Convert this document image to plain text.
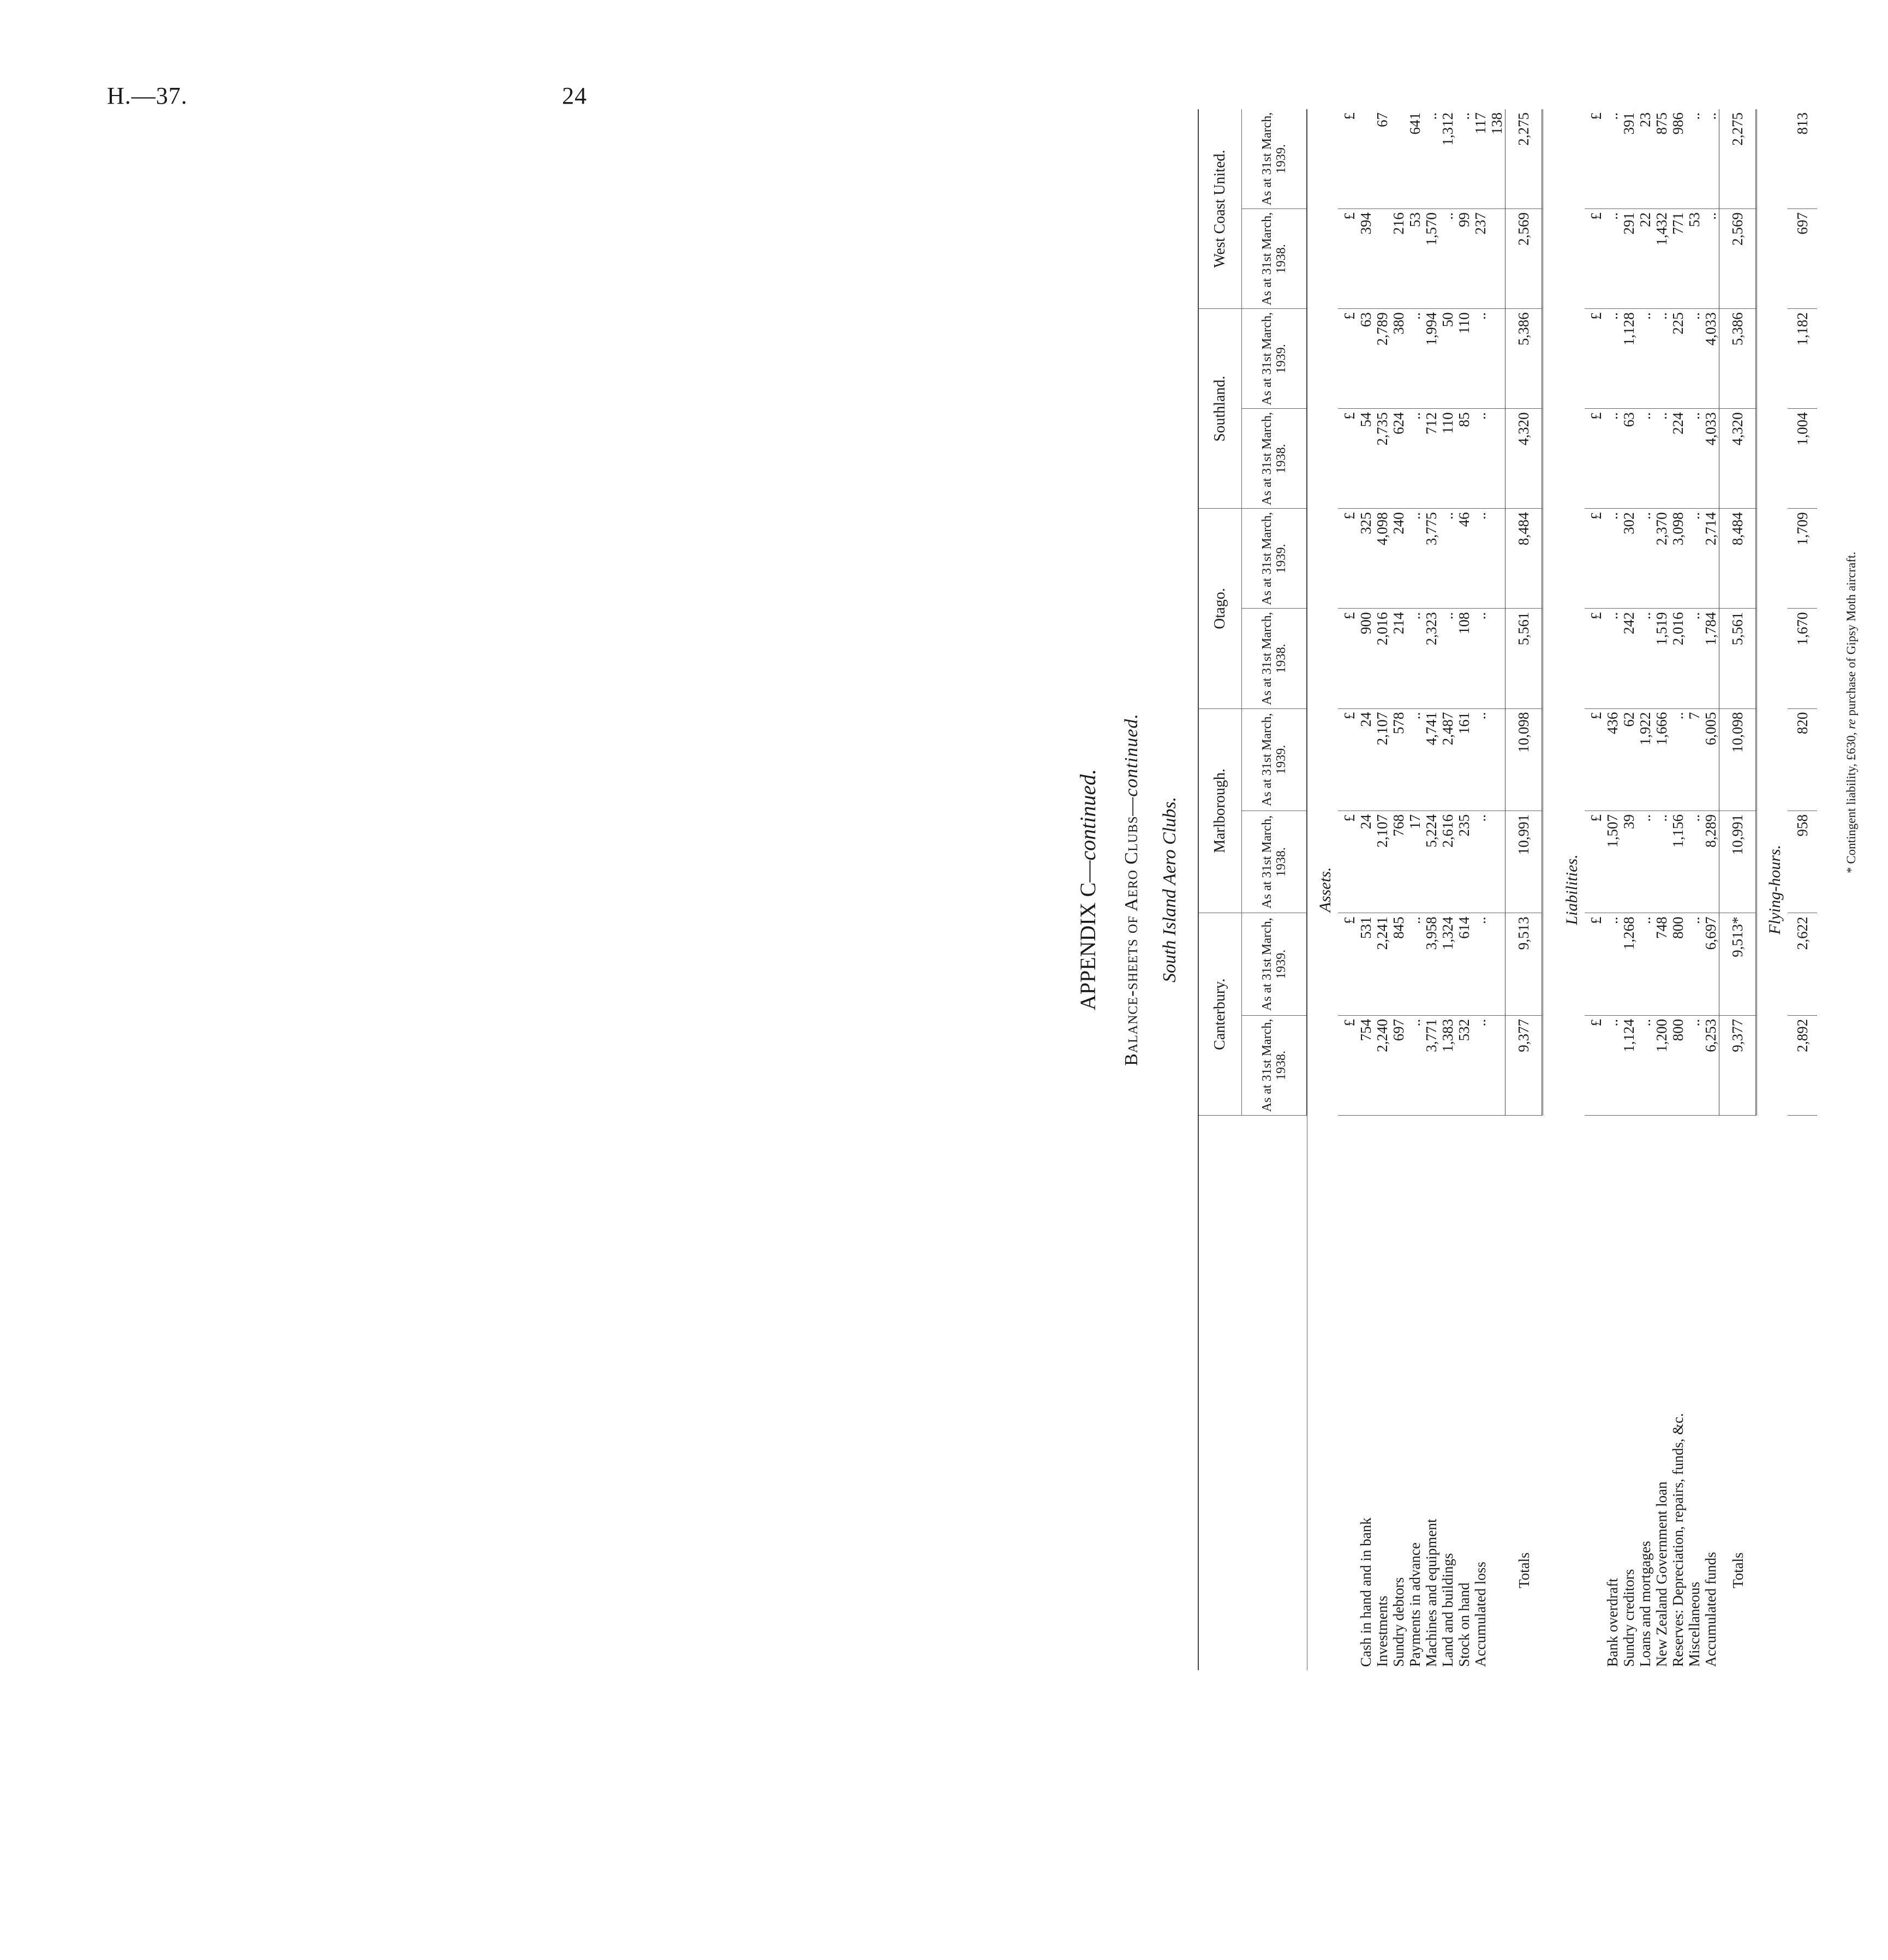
H.—37.	24
APPENDIX C—continued. Balance-sheets of Aero Clubs—continued.
South Island Aero Clubs.
	Canterbury.		Marlborough.		Otago.		Southland.		West Coast United.	
	As at 31st March, 1938.	As at 31st March, 1939.	As at 31st March, 1938.	As at 31st March, 1939.	As at 31st March, 1938.	As at 31st March, 1939.	As at 31st March, 1938.	As at 31st March, 1939.	As at 31st March, 1938.	As at 31st March, 1939.
Assets.										
	£	£	£	£	£	£	£	£	£	£
Cash in hand and in bank	754	531	24	24	900	325	54	63	394	
Investments	2,240	2,241	2,107	2,107	2,016	4,098	2,735	2,789		67
Sundry debtors	697	845	768	578	214	240	624	380	216	
Payments in advance	..	..	17	..	..	..	..	..	53	641
Machines and equipment	3,771	3,958	5,224	4,741	2,323	3,775	712	1,994	1,570	..
Land and buildings	1,383	1,324	2,616	2,487	..	..	110	50	..	1,312
Stock on hand	532	614	235	161	108	46	85	110	99	..
Accumulated loss	..	..	..	..	..	..	..	..	237	117
										138
Totals	9,377	9,513	10,991	10,098	5,561	8,484	4,320	5,386	2,569	2,275

Liabilities.										
	£	£	£	£	£	£	£	£	£	£
Bank overdraft	..	..	1,507	436	..	..	..	..	..	..
Sundry creditors	1,124	1,268	39	62	242	302	63	1,128	291	391
Loans and mortgages	..	..	..	1,922	..	..	..	..	22	23
New Zealand Government loan	1,200	748	..	1,666	1,519	2,370	..	..	1,432	875
Reserves: Depreciation, repairs, funds, &c.	800	800	1,156	..	2,016	3,098	224	225	771	986
Miscellaneous	..	..	..	7	..	..	..	..	53	..
Accumulated funds	6,253	6,697	8,289	6,005	1,784	2,714	4,033	4,033	..	..
Totals	9,377	9,513*	10,991	10,098	5,561	8,484	4,320	5,386	2,569	2,275
Flying-hours.										
	2,892	2,622	958	820	1,670	1,709	1,004	1,182	697	813
* Contingent liability, £630, re purchase of Gipsy Moth aircraft.
